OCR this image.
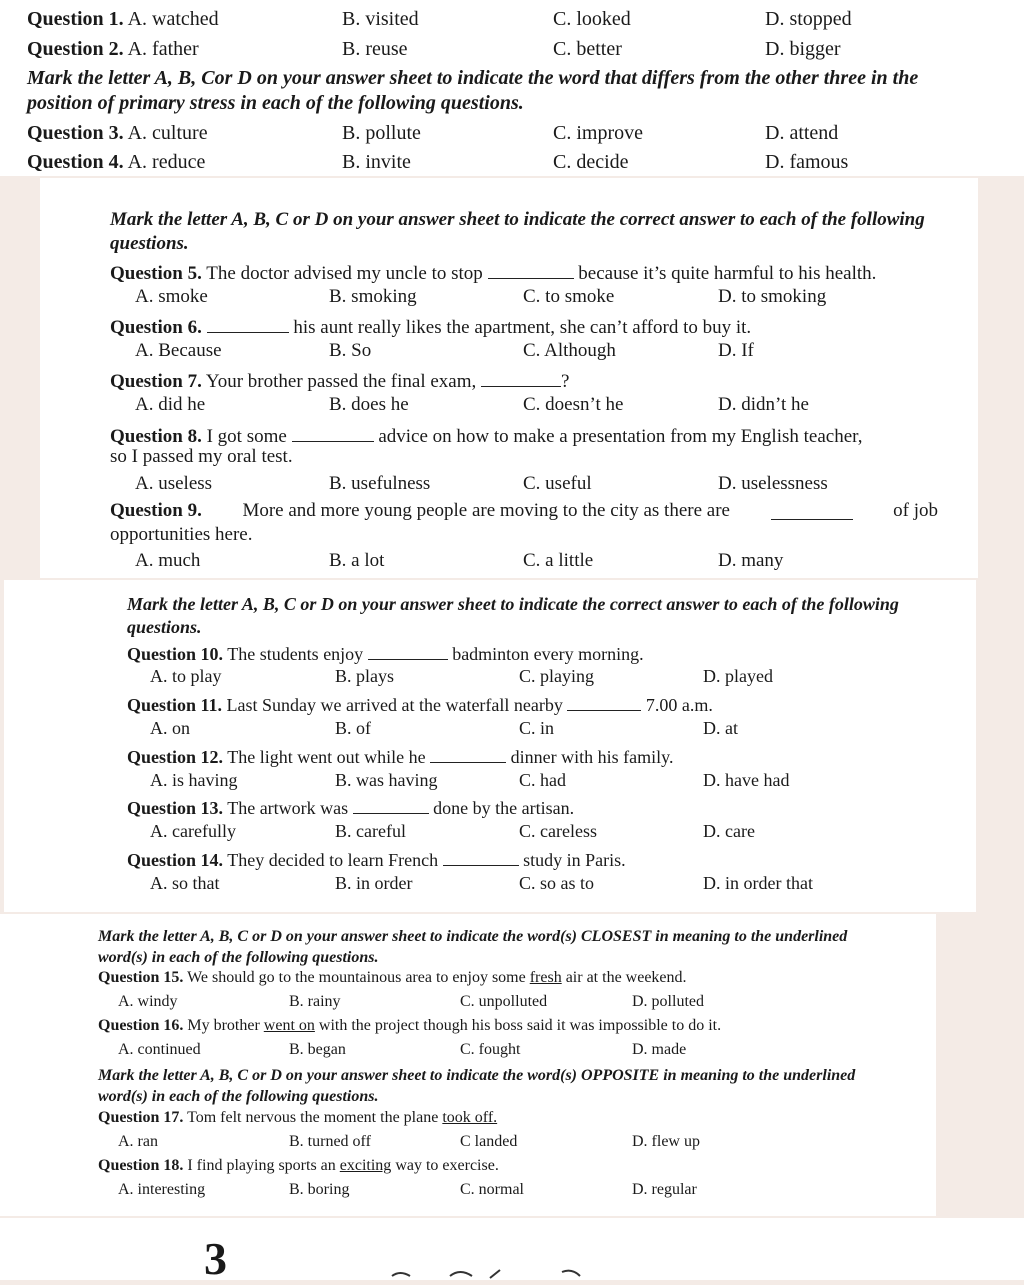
Question 1. A. watched	B. visited	C. looked	D. stopped
Question 2. A. father	B. reuse	C. better	D. bigger
Mark the letter A, B, Cor D on your answer sheet to indicate the word that differs from the other three in the position of primary stress in each of the following questions.
Question 3. A. culture	B. pollute	C. improve	D. attend
Question 4. A. reduce	B. invite	C. decide	D. famous
Mark the letter A, B, C or D on your answer sheet to indicate the correct answer to each of the following questions.
Question 5. The doctor advised my uncle to stop	because it’s quite harmful to his health.
A. smoke	B. smoking	C. to smoke	D. to smoking
Question 6.	his aunt really likes the apartment, she can’t afford to buy it.
A. Because	B. So	C. Although	D. If
Question 7. Your brother passed the final exam,	?
A. did he	B. does he	C. doesn’t he	D. didn’t he
Question 8. I got some	advice on how to make a presentation from my English teacher,
so I passed my oral test.
A. useless	B. usefulness	C. useful	D. uselessness
Question 9. More and more young people are moving to the city as there are	of job
opportunities here.
A. much	B. a lot	C. a little	D. many
Mark the letter A, B, C or D on your answer sheet to indicate the correct answer to each of the following questions.
Question 10. The students enjoy	badminton every morning.
A. to play	B. plays	C. playing	D. played
Question 11. Last Sunday we arrived at the waterfall nearby	7.00 a.m.
A. on	B. of	C. in	D. at
Question 12. The light went out while he	dinner with his family.
A. is having	B. was having	C. had	D. have had
Question 13. The artwork was	done by the artisan.
A. carefully	B. careful	C. careless	D. care
Question 14. They decided to learn French	study in Paris.
A. so that	B. in order	C. so as to	D. in order that
Mark the letter A, B, C or D on your answer sheet to indicate the word(s) CLOSEST in meaning to the underlined word(s) in each of the following questions.
Question 15. We should go to the mountainous area to enjoy some fresh air at the weekend.
A. windy	B. rainy	C. unpolluted	D. polluted
Question 16. My brother went on with the project though his boss said it was impossible to do it.
A. continued	B. began	C. fought	D. made
Mark the letter A, B, C or D on your answer sheet to indicate the word(s) OPPOSITE in meaning to the underlined word(s) in each of the following questions.
Question 17. Tom felt nervous the moment the plane took off.
A. ran	B. turned off	C landed	D. flew up
Question 18. I find playing sports an exciting way to exercise.
A. interesting	B. boring	C. normal	D. regular
3
